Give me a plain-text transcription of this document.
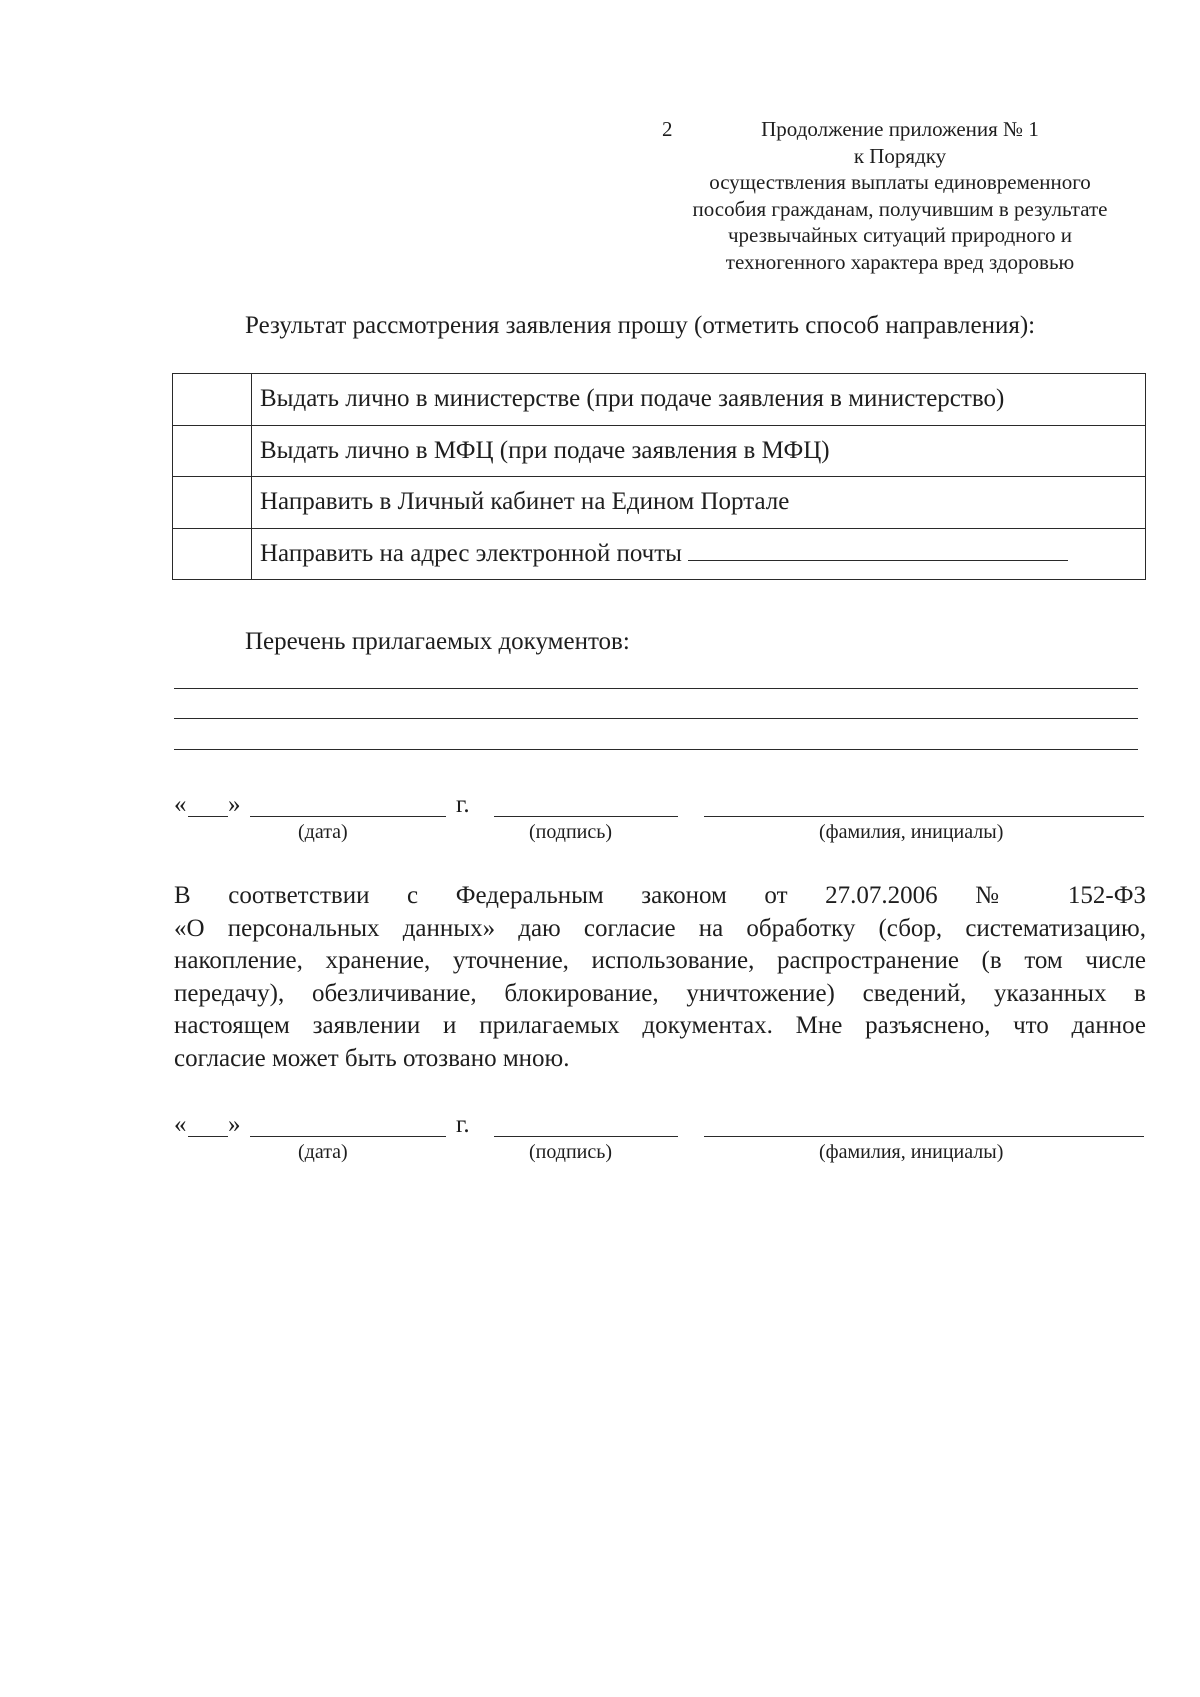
2	Продолжение приложения № 1
к Порядку
осуществления выплаты единовременного
пособия гражданам, получившим в результате
чрезвычайных ситуаций природного и
техногенного характера вред здоровью
Результат рассмотрения заявления прошу (отметить способ направления):
	Выдать лично в министерстве (при подаче заявления в министерство)
	Выдать лично в МФЦ (при подаче заявления в МФЦ)
	Направить в Личный кабинет на Едином Портале
	Направить на адрес электронной почты
Перечень прилагаемых документов:
« »	г.
(дата)	(подпись)	(фамилия, инициалы)
В соответствии с Федеральным законом от 27.07.2006 № 152-ФЗ
«О персональных данных» даю согласие на обработку (сбор, систематизацию,
накопление, хранение, уточнение, использование, распространение (в том числе
передачу), обезличивание, блокирование, уничтожение) сведений, указанных в
настоящем заявлении и прилагаемых документах. Мне разъяснено, что данное
согласие может быть отозвано мною.
« »	г.
(дата)	(подпись)	(фамилия, инициалы)
